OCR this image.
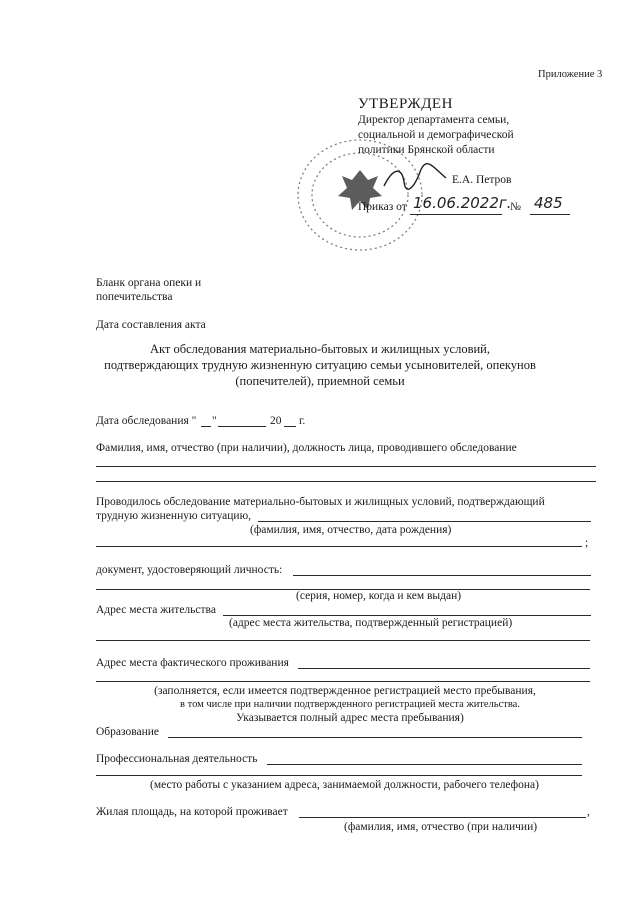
Приложение 3
УТВЕРЖДЕН
Директор департамента семьи,
социальной и демографической
политики Брянской области
Е.А. Петров
Приказ от 16.06.2022г.
№ 485
Бланк органа опеки и
попечительства
Дата составления акта
Акт обследования материально-бытовых и жилищных условий,
подтверждающих трудную жизненную ситуацию семьи усыновителей, опекунов
(попечителей), приемной семьи
Дата обследования " "	20 г.
Фамилия, имя, отчество (при наличии), должность лица, проводившего обследование
Проводилось обследование материально-бытовых и жилищных условий, подтверждающий
трудную жизненную ситуацию,
(фамилия, имя, отчество, дата рождения)
;
документ, удостоверяющий личность:
(серия, номер, когда и кем выдан)
Адрес места жительства
(адрес места жительства, подтвержденный регистрацией)
Адрес места фактического проживания
(заполняется, если имеется подтвержденное регистрацией место пребывания,
в том числе при наличии подтвержденного регистрацией места жительства.
Указывается полный адрес места пребывания)
Образование
Профессиональная деятельность
(место работы с указанием адреса, занимаемой должности, рабочего телефона)
Жилая площадь, на которой проживает	,
(фамилия, имя, отчество (при наличии)
